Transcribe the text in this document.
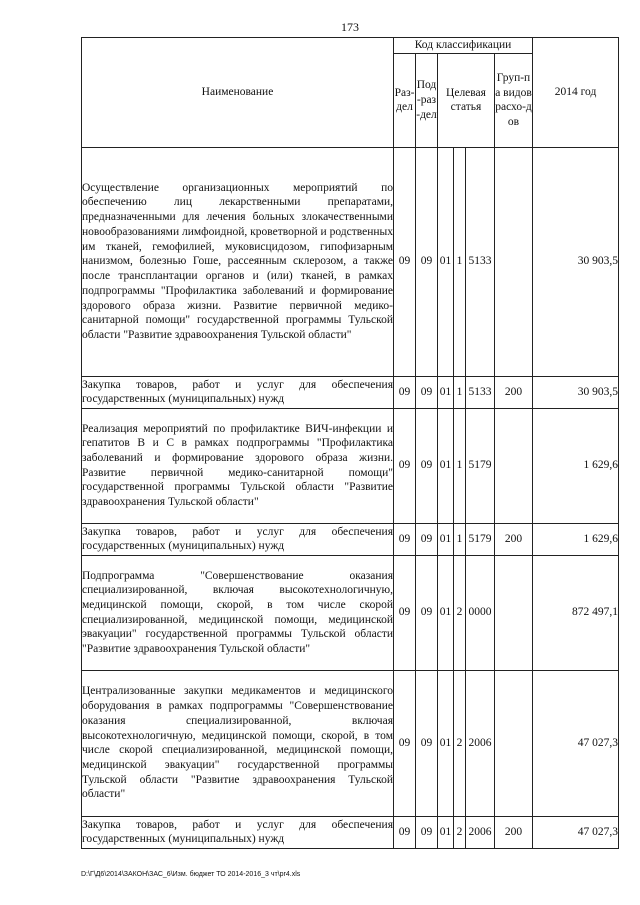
173
Наименование	Код классификации						2014 год
	Раз-дел	Под-раз-дел	Целевая статья			Груп-па видов расхо-дов	
Осуществление организационных мероприятий по обеспечению лиц лекарственными препаратами, предназначенными для лечения больных злокачественными новообразованиями лимфоидной, кроветворной и родственных им тканей, гемофилией, муковисцидозом, гипофизарным нанизмом, болезнью Гоше, рассеянным склерозом, а также после трансплантации органов и (или) тканей, в рамках подпрограммы "Профилактика заболеваний и формирование здорового образа жизни. Развитие первичной медико-санитарной помощи" государственной программы Тульской области "Развитие здравоохранения Тульской области"	09	09	01	1	5133		30 903,5
Закупка товаров, работ и услуг для обеспечения государственных (муниципальных) нужд	09	09	01	1	5133	200	30 903,5
Реализация мероприятий по профилактике ВИЧ-инфекции и гепатитов В и С в рамках подпрограммы "Профилактика заболеваний и формирование здорового образа жизни. Развитие первичной медико-санитарной помощи" государственной программы Тульской области "Развитие здравоохранения Тульской области"	09	09	01	1	5179		1 629,6
Закупка товаров, работ и услуг для обеспечения государственных (муниципальных) нужд	09	09	01	1	5179	200	1 629,6
Подпрограмма "Совершенствование оказания специализированной, включая высокотехнологичную, медицинской помощи, скорой, в том числе скорой специализированной, медицинской помощи, медицинской эвакуации" государственной программы Тульской области "Развитие здравоохранения Тульской области"	09	09	01	2	0000		872 497,1
Централизованные закупки медикаментов и медицинского оборудования в рамках подпрограммы "Совершенствование оказания специализированной, включая высокотехнологичную, медицинской помощи, скорой, в том числе скорой специализированной, медицинской помощи, медицинской эвакуации" государственной программы Тульской области "Развитие здравоохранения Тульской области"	09	09	01	2	2006		47 027,3
Закупка товаров, работ и услуг для обеспечения государственных (муниципальных) нужд	09	09	01	2	2006	200	47 027,3
D:\Г\Д6\2014\ЗАКОН\ЗАС_6\Изм. бюджет ТО 2014-2016_3 чт\pr4.xls
